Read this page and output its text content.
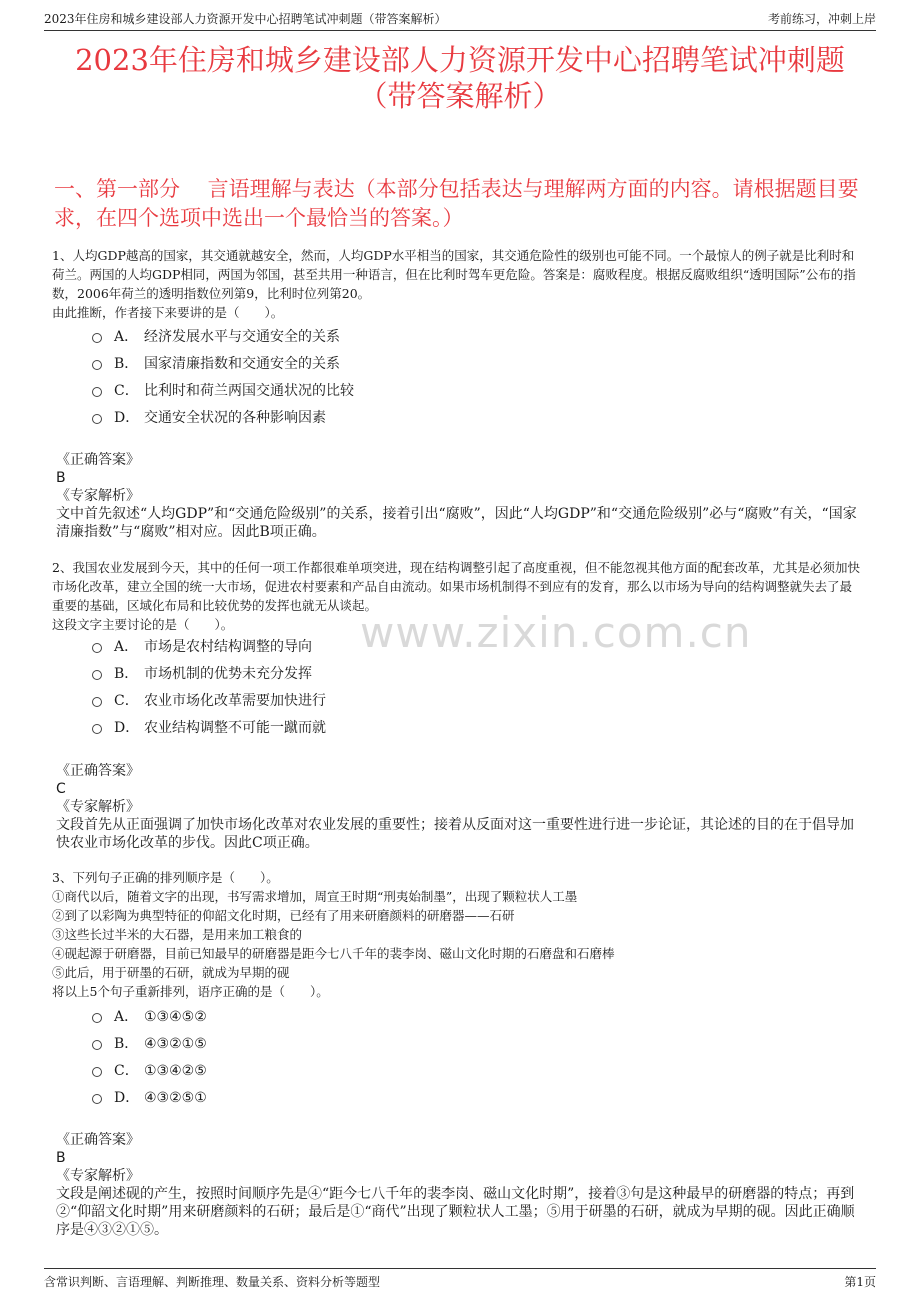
2023年住房和城乡建设部人力资源开发中心招聘笔试冲刺题（带答案解析）	考前练习，冲刺上岸
2023年住房和城乡建设部人力资源开发中心招聘笔试冲刺题
（带答案解析）
一、第一部分　 言语理解与表达（本部分包括表达与理解两方面的内容。请根据题目要求，在四个选项中选出一个最恰当的答案。）
www.zixin.com.cn

1、人均GDP越高的国家，其交通就越安全，然而，人均GDP水平相当的国家，其交通危险性的级别也可能不同。一个最惊人的例子就是比利时和荷兰。两国的人均GDP相同，两国为邻国，甚至共用一种语言，但在比利时驾车更危险。答案是：腐败程度。根据反腐败组织“透明国际”公布的指数，2006年荷兰的透明指数位列第9，比利时位列第20。

由此推断，作者接下来要讲的是（　　）。

A． 经济发展水平与交通安全的关系
B． 国家清廉指数和交通安全的关系
C． 比利时和荷兰两国交通状况的比较
D． 交通安全状况的各种影响因素
《正确答案》
B
《专家解析》
文中首先叙述“人均GDP”和“交通危险级别”的关系，接着引出“腐败”，因此“人均GDP”和“交通危险级别”必与“腐败”有关，“国家清廉指数”与“腐败”相对应。因此B项正确。

2、我国农业发展到今天，其中的任何一项工作都很难单项突进，现在结构调整引起了高度重视，但不能忽视其他方面的配套改革，尤其是必须加快市场化改革，建立全国的统一大市场，促进农村要素和产品自由流动。如果市场机制得不到应有的发育，那么以市场为导向的结构调整就失去了最重要的基础，区域化布局和比较优势的发挥也就无从谈起。

这段文字主要讨论的是（　　）。

A． 市场是农村结构调整的导向
B． 市场机制的优势未充分发挥
C． 农业市场化改革需要加快进行
D． 农业结构调整不可能一蹴而就
《正确答案》
C
《专家解析》
文段首先从正面强调了加快市场化改革对农业发展的重要性；接着从反面对这一重要性进行进一步论证，其论述的目的在于倡导加快农业市场化改革的步伐。因此C项正确。

3、下列句子正确的排列顺序是（　　）。

①商代以后，随着文字的出现，书写需求增加，周宣王时期“刑夷始制墨”，出现了颗粒状人工墨

②到了以彩陶为典型特征的仰韶文化时期，已经有了用来研磨颜料的研磨器——石研

③这些长过半米的大石器，是用来加工粮食的

④砚起源于研磨器，目前已知最早的研磨器是距今七八千年的裴李岗、磁山文化时期的石磨盘和石磨棒

⑤此后，用于研墨的石研，就成为早期的砚

将以上5个句子重新排列，语序正确的是（　　）。

A． ①③④⑤②
B． ④③②①⑤
C． ①③④②⑤
D． ④③②⑤①
《正确答案》
B
《专家解析》
文段是阐述砚的产生，按照时间顺序先是④“距今七八千年的裴李岗、磁山文化时期”，接着③句是这种最早的研磨器的特点；再到②“仰韶文化时期”用来研磨颜料的石研；最后是①“商代”出现了颗粒状人工墨；⑤用于研墨的石研，就成为早期的砚。因此正确顺序是④③②①⑤。
含常识判断、言语理解、判断推理、数量关系、资料分析等题型	第1页
